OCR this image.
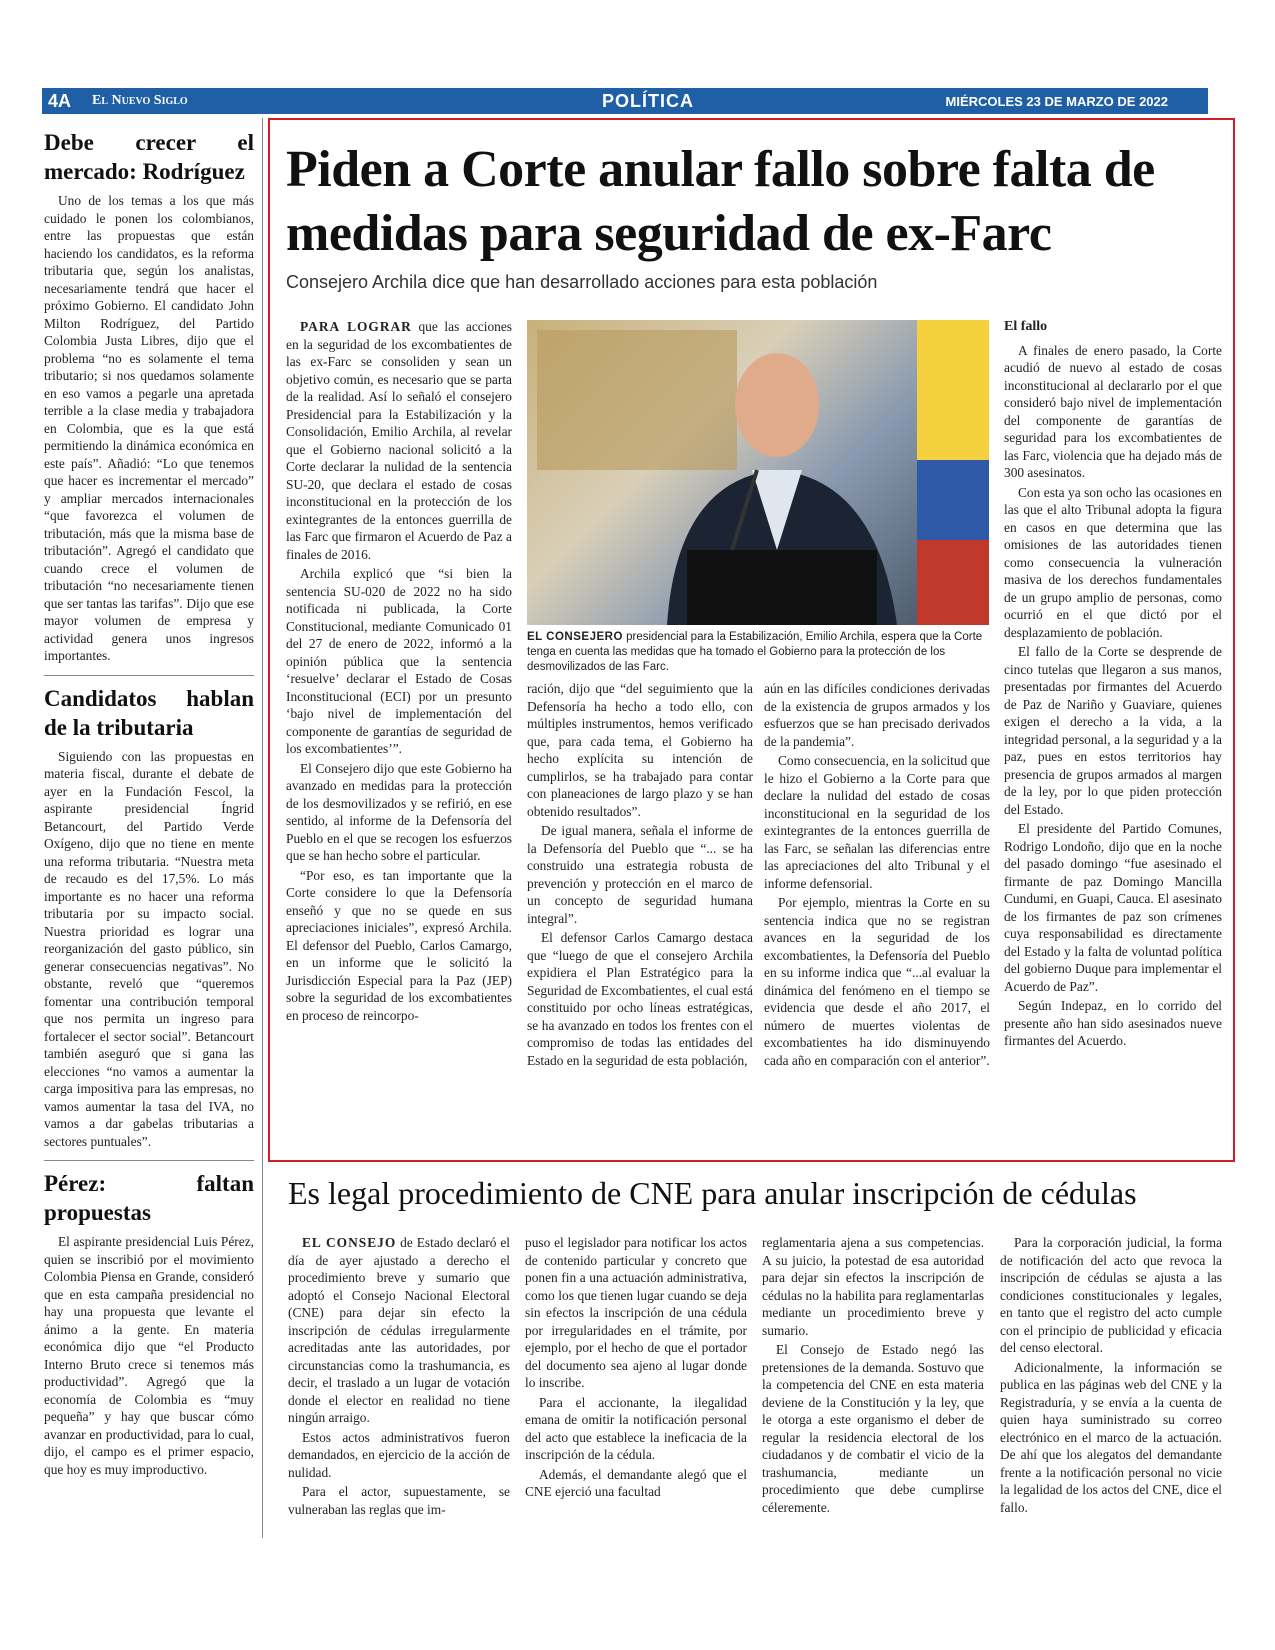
4A El Nuevo Siglo	POLÍTICA	MIÉRCOLES 23 DE MARZO DE 2022
Debe crecer el mercado: Rodríguez

Uno de los temas a los que más cuidado le ponen los colombianos, entre las propuestas que están haciendo los candidatos, es la reforma tributaria que, según los analistas, necesariamente tendrá que hacer el próximo Gobierno. El candidato John Milton Rodríguez, del Partido Colombia Justa Libres, dijo que el problema “no es solamente el tema tributario; si nos quedamos solamente en eso vamos a pegarle una apretada terrible a la clase media y trabajadora en Colombia, que es la que está permitiendo la dinámica económica en este país”. Añadió: “Lo que tenemos que hacer es incrementar el mercado” y ampliar mercados internacionales “que favorezca el volumen de tributación, más que la misma base de tributación”. Agregó el candidato que cuando crece el volumen de tributación “no necesariamente tienen que ser tantas las tarifas”. Dijo que ese mayor volumen de empresa y actividad genera unos ingresos importantes.

Candidatos hablan de la tributaria

Siguiendo con las propuestas en materia fiscal, durante el debate de ayer en la Fundación Fescol, la aspirante presidencial Íngrid Betancourt, del Partido Verde Oxígeno, dijo que no tiene en mente una reforma tributaria. “Nuestra meta de recaudo es del 17,5%. Lo más importante es no hacer una reforma tributaria por su impacto social. Nuestra prioridad es lograr una reorganización del gasto público, sin generar consecuencias negativas”. No obstante, reveló que “queremos fomentar una contribución temporal que nos permita un ingreso para fortalecer el sector social”. Betancourt también aseguró que si gana las elecciones “no vamos a aumentar la carga impositiva para las empresas, no vamos aumentar la tasa del IVA, no vamos a dar gabelas tributarias a sectores puntuales”.

Pérez: faltan propuestas

El aspirante presidencial Luis Pérez, quien se inscribió por el movimiento Colombia Piensa en Grande, consideró que en esta campaña presidencial no hay una propuesta que levante el ánimo a la gente. En materia económica dijo que “el Producto Interno Bruto crece si tenemos más productividad”. Agregó que la economía de Colombia es “muy pequeña” y hay que buscar cómo avanzar en productividad, para lo cual, dijo, el campo es el primer espacio, que hoy es muy improductivo.

Piden a Corte anular fallo sobre falta de medidas para seguridad de ex-Farc
Consejero Archila dice que han desarrollado acciones para esta población

PARA LOGRAR que las acciones en la seguridad de los excombatientes de las ex-Farc se consoliden y sean un objetivo común, es necesario que se parta de la realidad. Así lo señaló el consejero Presidencial para la Estabilización y la Consolidación, Emilio Archila, al revelar que el Gobierno nacional solicitó a la Corte declarar la nulidad de la sentencia SU-20, que declara el estado de cosas inconstitucional en la protección de los exintegrantes de la entonces guerrilla de las Farc que firmaron el Acuerdo de Paz a finales de 2016.

Archila explicó que “si bien la sentencia SU-020 de 2022 no ha sido notificada ni publicada, la Corte Constitucional, mediante Comunicado 01 del 27 de enero de 2022, informó a la opinión pública que la sentencia ‘resuelve’ declarar el Estado de Cosas Inconstitucional (ECI) por un presunto ‘bajo nivel de implementación del componente de garantías de seguridad de los excombatientes’”.

El Consejero dijo que este Gobierno ha avanzado en medidas para la protección de los desmovilizados y se refirió, en ese sentido, al informe de la Defensoría del Pueblo en el que se recogen los esfuerzos que se han hecho sobre el particular.

“Por eso, es tan importante que la Corte considere lo que la Defensoría enseñó y que no se quede en sus apreciaciones iniciales”, expresó Archila. El defensor del Pueblo, Carlos Camargo, en un informe que le solicitó la Jurisdicción Especial para la Paz (JEP) sobre la seguridad de los excombatientes en proceso de reincorpo-

EL CONSEJERO presidencial para la Estabilización, Emilio Archila, espera que la Corte tenga en cuenta las medidas que ha tomado el Gobierno para la protección de los desmovilizados de las Farc.

ración, dijo que “del seguimiento que la Defensoría ha hecho a todo ello, con múltiples instrumentos, hemos verificado que, para cada tema, el Gobierno ha hecho explícita su intención de cumplirlos, se ha trabajado para contar con planeaciones de largo plazo y se han obtenido resultados”.

De igual manera, señala el informe de la Defensoría del Pueblo que “... se ha construido una estrategia robusta de prevención y protección en el marco de un concepto de seguridad humana integral”.

El defensor Carlos Camargo destaca que “luego de que el consejero Archila expidiera el Plan Estratégico para la Seguridad de Excombatientes, el cual está constituido por ocho líneas estratégicas, se ha avanzado en todos los frentes con el compromiso de todas las entidades del Estado en la seguridad de esta población,

aún en las difíciles condiciones derivadas de la existencia de grupos armados y los esfuerzos que se han precisado derivados de la pandemia”.

Como consecuencia, en la solicitud que le hizo el Gobierno a la Corte para que declare la nulidad del estado de cosas inconstitucional en la seguridad de los exintegrantes de la entonces guerrilla de las Farc, se señalan las diferencias entre las apreciaciones del alto Tribunal y el informe defensorial.

Por ejemplo, mientras la Corte en su sentencia indica que no se registran avances en la seguridad de los excombatientes, la Defensoría del Pueblo en su informe indica que “...al evaluar la dinámica del fenómeno en el tiempo se evidencia que desde el año 2017, el número de muertes violentas de excombatientes ha ido disminuyendo cada año en comparación con el anterior”.

El fallo

A finales de enero pasado, la Corte acudió de nuevo al estado de cosas inconstitucional al declararlo por el que consideró bajo nivel de implementación del componente de garantías de seguridad para los excombatientes de las Farc, violencia que ha dejado más de 300 asesinatos.

Con esta ya son ocho las ocasiones en las que el alto Tribunal adopta la figura en casos en que determina que las omisiones de las autoridades tienen como consecuencia la vulneración masiva de los derechos fundamentales de un grupo amplio de personas, como ocurrió en el que dictó por el desplazamiento de población.

El fallo de la Corte se desprende de cinco tutelas que llegaron a sus manos, presentadas por firmantes del Acuerdo de Paz de Nariño y Guaviare, quienes exigen el derecho a la vida, a la integridad personal, a la seguridad y a la paz, pues en estos territorios hay presencia de grupos armados al margen de la ley, por lo que piden protección del Estado.

El presidente del Partido Comunes, Rodrigo Londoño, dijo que en la noche del pasado domingo “fue asesinado el firmante de paz Domingo Mancilla Cundumi, en Guapi, Cauca. El asesinato de los firmantes de paz son crímenes cuya responsabilidad es directamente del Estado y la falta de voluntad política del gobierno Duque para implementar el Acuerdo de Paz”.

Según Indepaz, en lo corrido del presente año han sido asesinados nueve firmantes del Acuerdo.

Es legal procedimiento de CNE para anular inscripción de cédulas

EL CONSEJO de Estado declaró el día de ayer ajustado a derecho el procedimiento breve y sumario que adoptó el Consejo Nacional Electoral (CNE) para dejar sin efecto la inscripción de cédulas irregularmente acreditadas ante las autoridades, por circunstancias como la trashumancia, es decir, el traslado a un lugar de votación donde el elector en realidad no tiene ningún arraigo.

Estos actos administrativos fueron demandados, en ejercicio de la acción de nulidad.

Para el actor, supuestamente, se vulneraban las reglas que im-

puso el legislador para notificar los actos de contenido particular y concreto que ponen fin a una actuación administrativa, como los que tienen lugar cuando se deja sin efectos la inscripción de una cédula por irregularidades en el trámite, por ejemplo, por el hecho de que el portador del documento sea ajeno al lugar donde lo inscribe.

Para el accionante, la ilegalidad emana de omitir la notificación personal del acto que establece la ineficacia de la inscripción de la cédula.

Además, el demandante alegó que el CNE ejerció una facultad

reglamentaria ajena a sus competencias. A su juicio, la potestad de esa autoridad para dejar sin efectos la inscripción de cédulas no la habilita para reglamentarlas mediante un procedimiento breve y sumario.

El Consejo de Estado negó las pretensiones de la demanda. Sostuvo que la competencia del CNE en esta materia deviene de la Constitución y la ley, que le otorga a este organismo el deber de regular la residencia electoral de los ciudadanos y de combatir el vicio de la trashumancia, mediante un procedimiento que debe cumplirse céleremente.

Para la corporación judicial, la forma de notificación del acto que revoca la inscripción de cédulas se ajusta a las condiciones constitucionales y legales, en tanto que el registro del acto cumple con el principio de publicidad y eficacia del censo electoral.

Adicionalmente, la información se publica en las páginas web del CNE y la Registraduría, y se envía a la cuenta de quien haya suministrado su correo electrónico en el marco de la actuación. De ahí que los alegatos del demandante frente a la notificación personal no vicie la legalidad de los actos del CNE, dice el fallo.
